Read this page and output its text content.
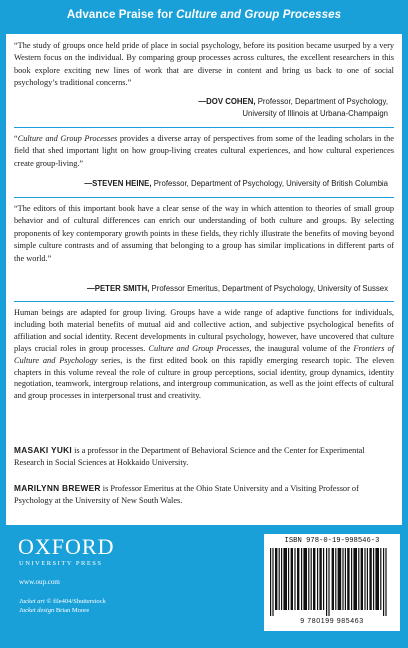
Advance Praise for Culture and Group Processes
“The study of groups once held pride of place in social psychology, before its position became usurped by a very Western focus on the individual. By comparing group processes across cultures, the excellent researchers in this book explore exciting new lines of work that are diverse in content and bring us back to one of social psychology’s traditional concerns.”
—DOV COHEN, Professor, Department of Psychology,
University of Illinois at Urbana-Champaign
“Culture and Group Processes provides a diverse array of perspectives from some of the leading scholars in the field that shed important light on how group-living creates cultural experiences, and how cultural experiences create group-living.”
—STEVEN HEINE, Professor, Department of Psychology, University of British Columbia
“The editors of this important book have a clear sense of the way in which attention to theories of small group behavior and of cultural differences can enrich our understanding of both culture and groups. By selecting proponents of key contemporary growth points in these fields, they richly illustrate the benefits of moving beyond simple culture contrasts and of assuming that belonging to a group has similar implications in different parts of the world.”
—PETER SMITH, Professor Emeritus, Department of Psychology, University of Sussex
Human beings are adapted for group living. Groups have a wide range of adaptive functions for individuals, including both material benefits of mutual aid and collective action, and subjective psychological benefits of affiliation and social identity. Recent developments in cultural psychology, however, have uncovered that culture plays crucial roles in group processes. Culture and Group Processes, the inaugural volume of the Frontiers of Culture and Psychology series, is the first edited book on this rapidly emerging research topic. The eleven chapters in this volume reveal the role of culture in group perceptions, social identity, group dynamics, identity negotiation, teamwork, intergroup relations, and intergroup communication, as well as the joint effects of cultural and group processes in interpersonal trust and creativity.
MASAKI YUKI is a professor in the Department of Behavioral Science and the Center for Experimental Research in Social Sciences at Hokkaido University.
MARILYNN BREWER is Professor Emeritus at the Ohio State University and a Visiting Professor of Psychology at the University of New South Wales.
OXFORD
UNIVERSITY PRESS
www.oup.com
Jacket art © file404/Shutterstock
Jacket design Brian Moore
ISBN 978-0-19-998546-3
9 780199 985463
